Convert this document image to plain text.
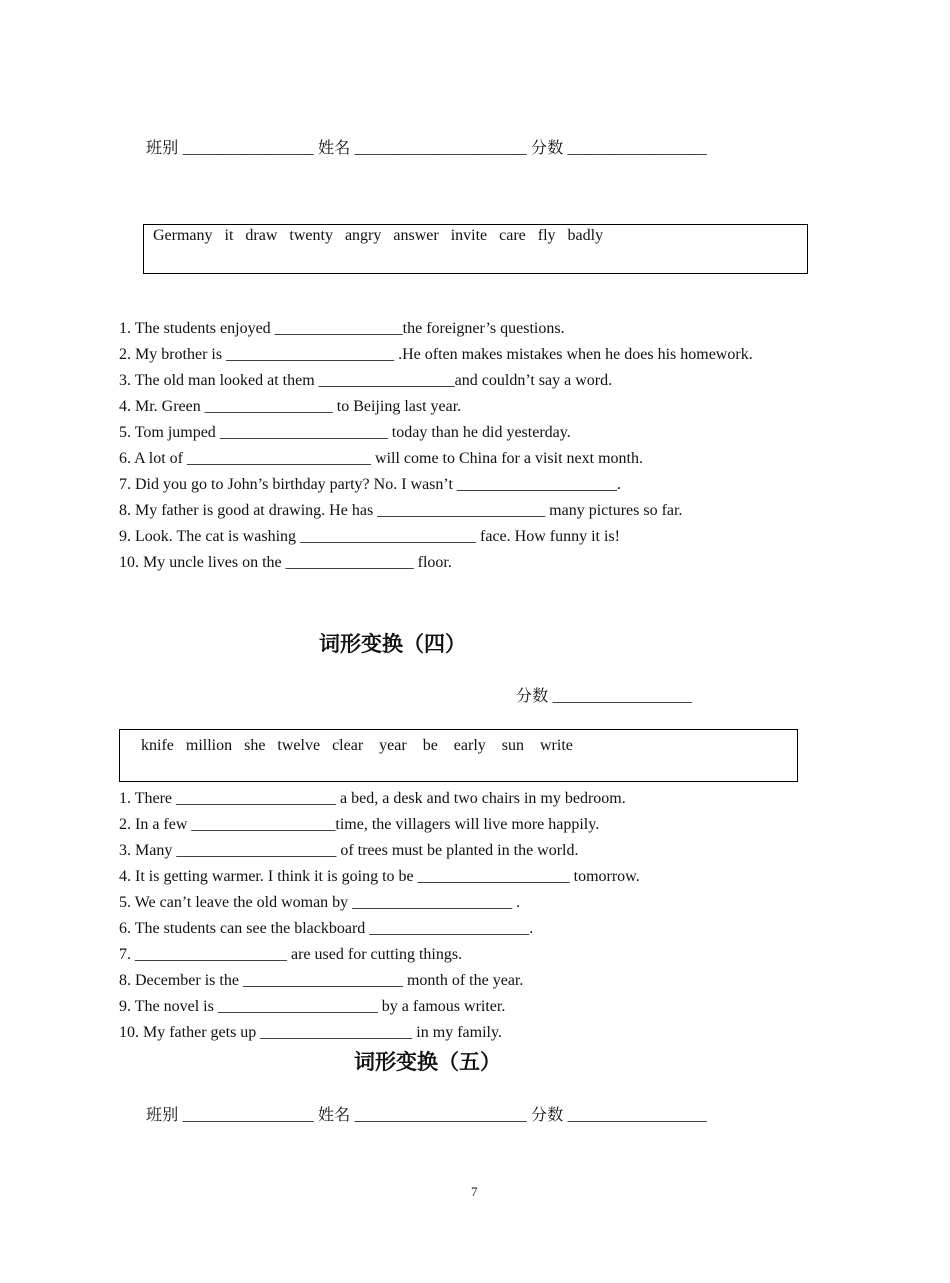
班别 ________________ 姓名 _____________________ 分数 _________________
Germany   it   draw   twenty   angry   answer   invite   care   fly   badly
1. The students enjoyed ________________the foreigner’s questions.
2. My brother is _____________________ .He often makes mistakes when he does his homework.
3. The old man looked at them _________________and couldn’t say a word.
4. Mr. Green ________________ to Beijing last year.
5. Tom jumped _____________________ today than he did yesterday.
6. A lot of _______________________ will come to China for a visit next month.
7. Did you go to John’s birthday party? No. I wasn’t ____________________.
8. My father is good at drawing. He has _____________________ many pictures so far.
9. Look. The cat is washing ______________________ face. How funny it is!
10. My uncle lives on the ________________ floor.
词形变换（四）
分数 _________________
knife   million   she   twelve   clear    year    be    early    sun    write
1. There ____________________ a bed, a desk and two chairs in my bedroom.
2. In a few __________________time, the villagers will live more happily.
3. Many ____________________ of trees must be planted in the world.
4. It is getting warmer. I think it is going to be ___________________ tomorrow.
5. We can’t leave the old woman by ____________________ .
6. The students can see the blackboard ____________________.
7. ___________________ are used for cutting things.
8. December is the ____________________ month of the year.
9. The novel is ____________________ by a famous writer.
10. My father gets up ___________________ in my family.
词形变换（五）
班别 ________________ 姓名 _____________________ 分数 _________________
7
